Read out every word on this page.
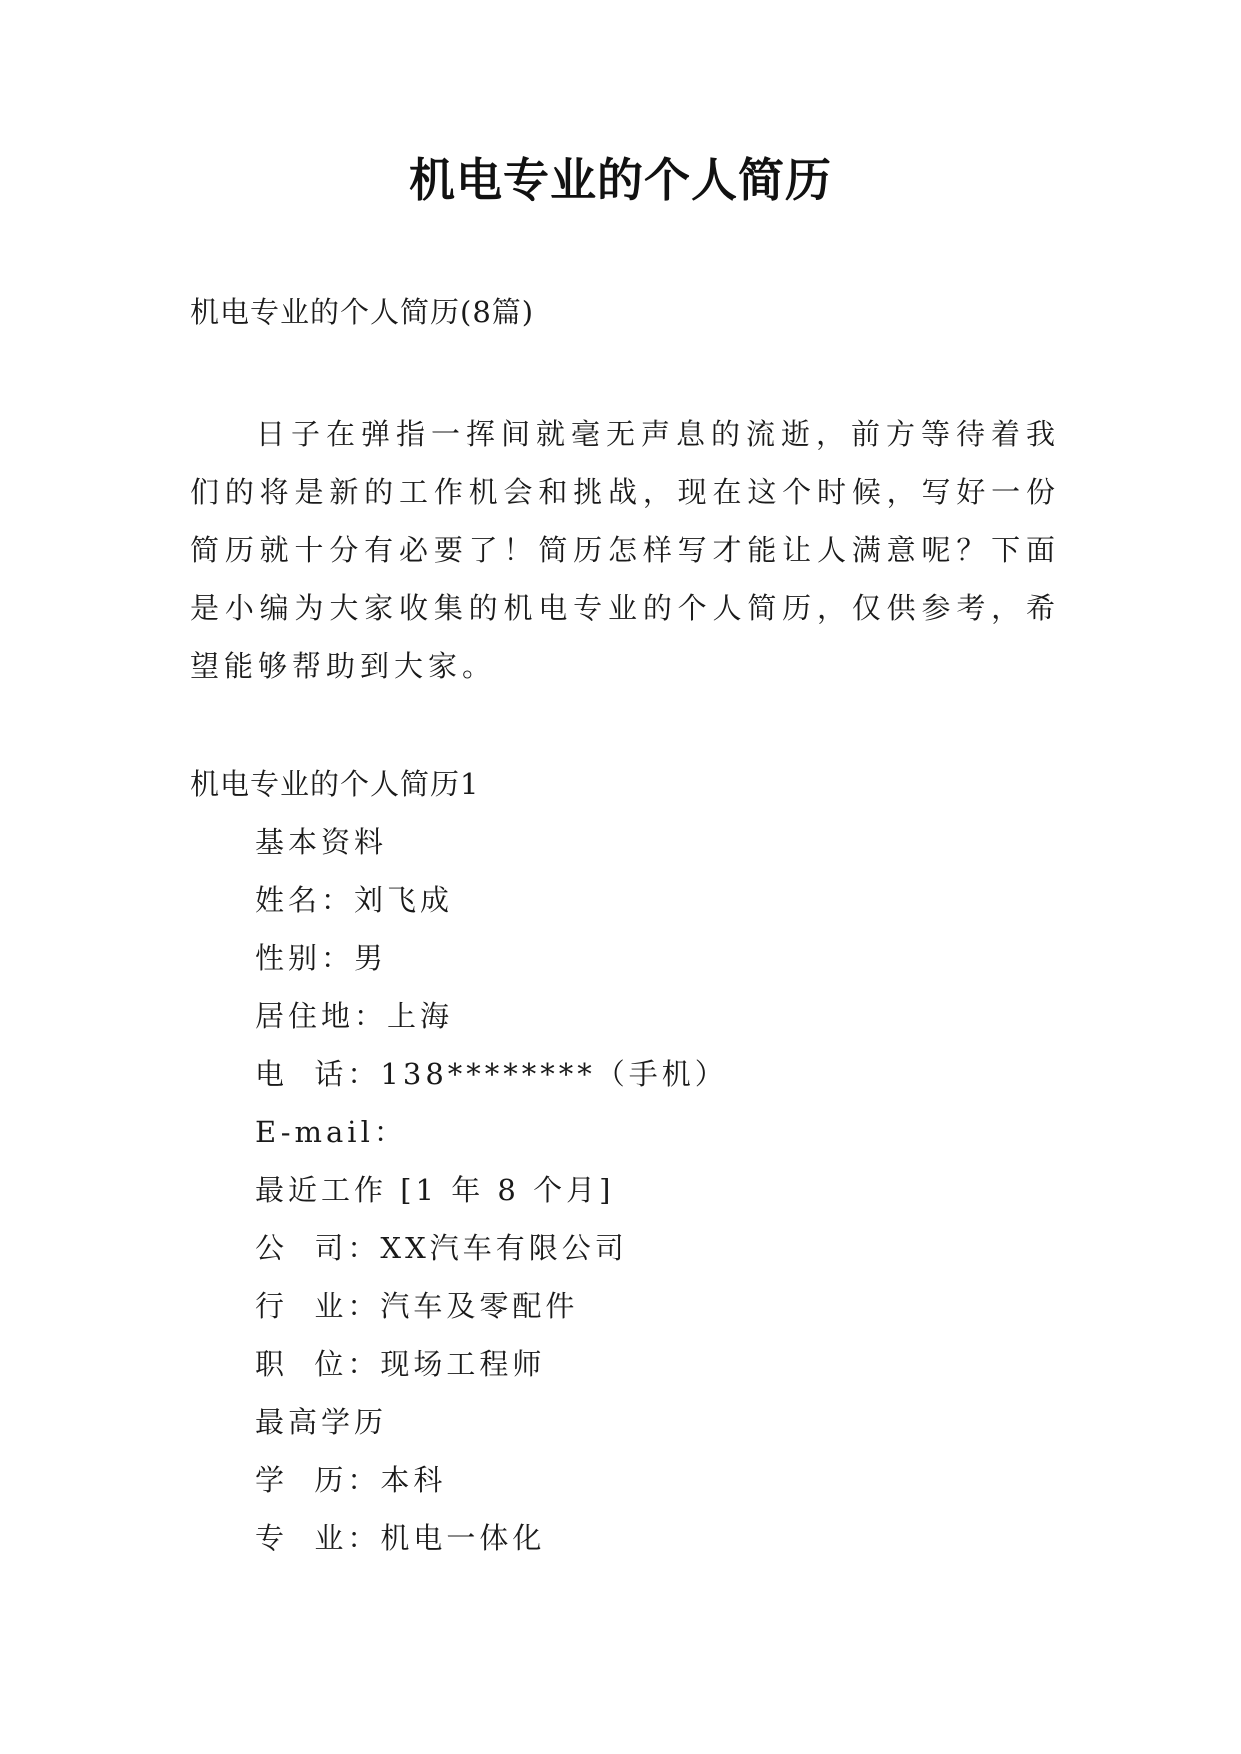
机电专业的个人简历
机电专业的个人简历(8篇)

日子在弹指一挥间就毫无声息的流逝，前方等待着我们的将是新的工作机会和挑战，现在这个时候，写好一份简历就十分有必要了！简历怎样写才能让人满意呢？下面是小编为大家收集的机电专业的个人简历，仅供参考，希望能够帮助到大家。

机电专业的个人简历1
基本资料
姓名：刘飞成
性别：男
居住地：上海
电  话：138********（手机）
E-mail：
最近工作 [1 年 8 个月]
公  司：XX汽车有限公司
行  业：汽车及零配件
职  位：现场工程师
最高学历
学  历：本科
专  业：机电一体化
